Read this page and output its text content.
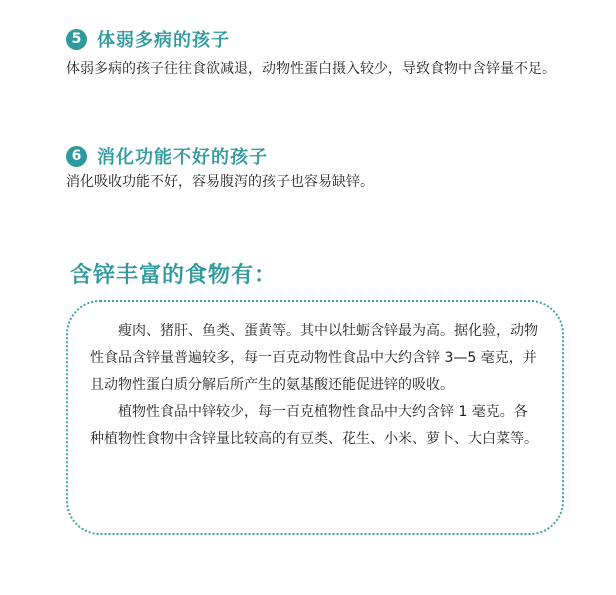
5 体弱多病的孩子

体弱多病的孩子往往食欲减退，动物性蛋白摄入较少，导致食物中含锌量不足。

6 消化功能不好的孩子

消化吸收功能不好，容易腹泻的孩子也容易缺锌。

含锌丰富的食物有：

瘦肉、猪肝、鱼类、蛋黄等。其中以牡蛎含锌最为高。据化验，动物性食品含锌量普遍较多，每一百克动物性食品中大约含锌 3—5 毫克，并且动物性蛋白质分解后所产生的氨基酸还能促进锌的吸收。

植物性食品中锌较少，每一百克植物性食品中大约含锌 1 毫克。各种植物性食物中含锌量比较高的有豆类、花生、小米、萝卜、大白菜等。
